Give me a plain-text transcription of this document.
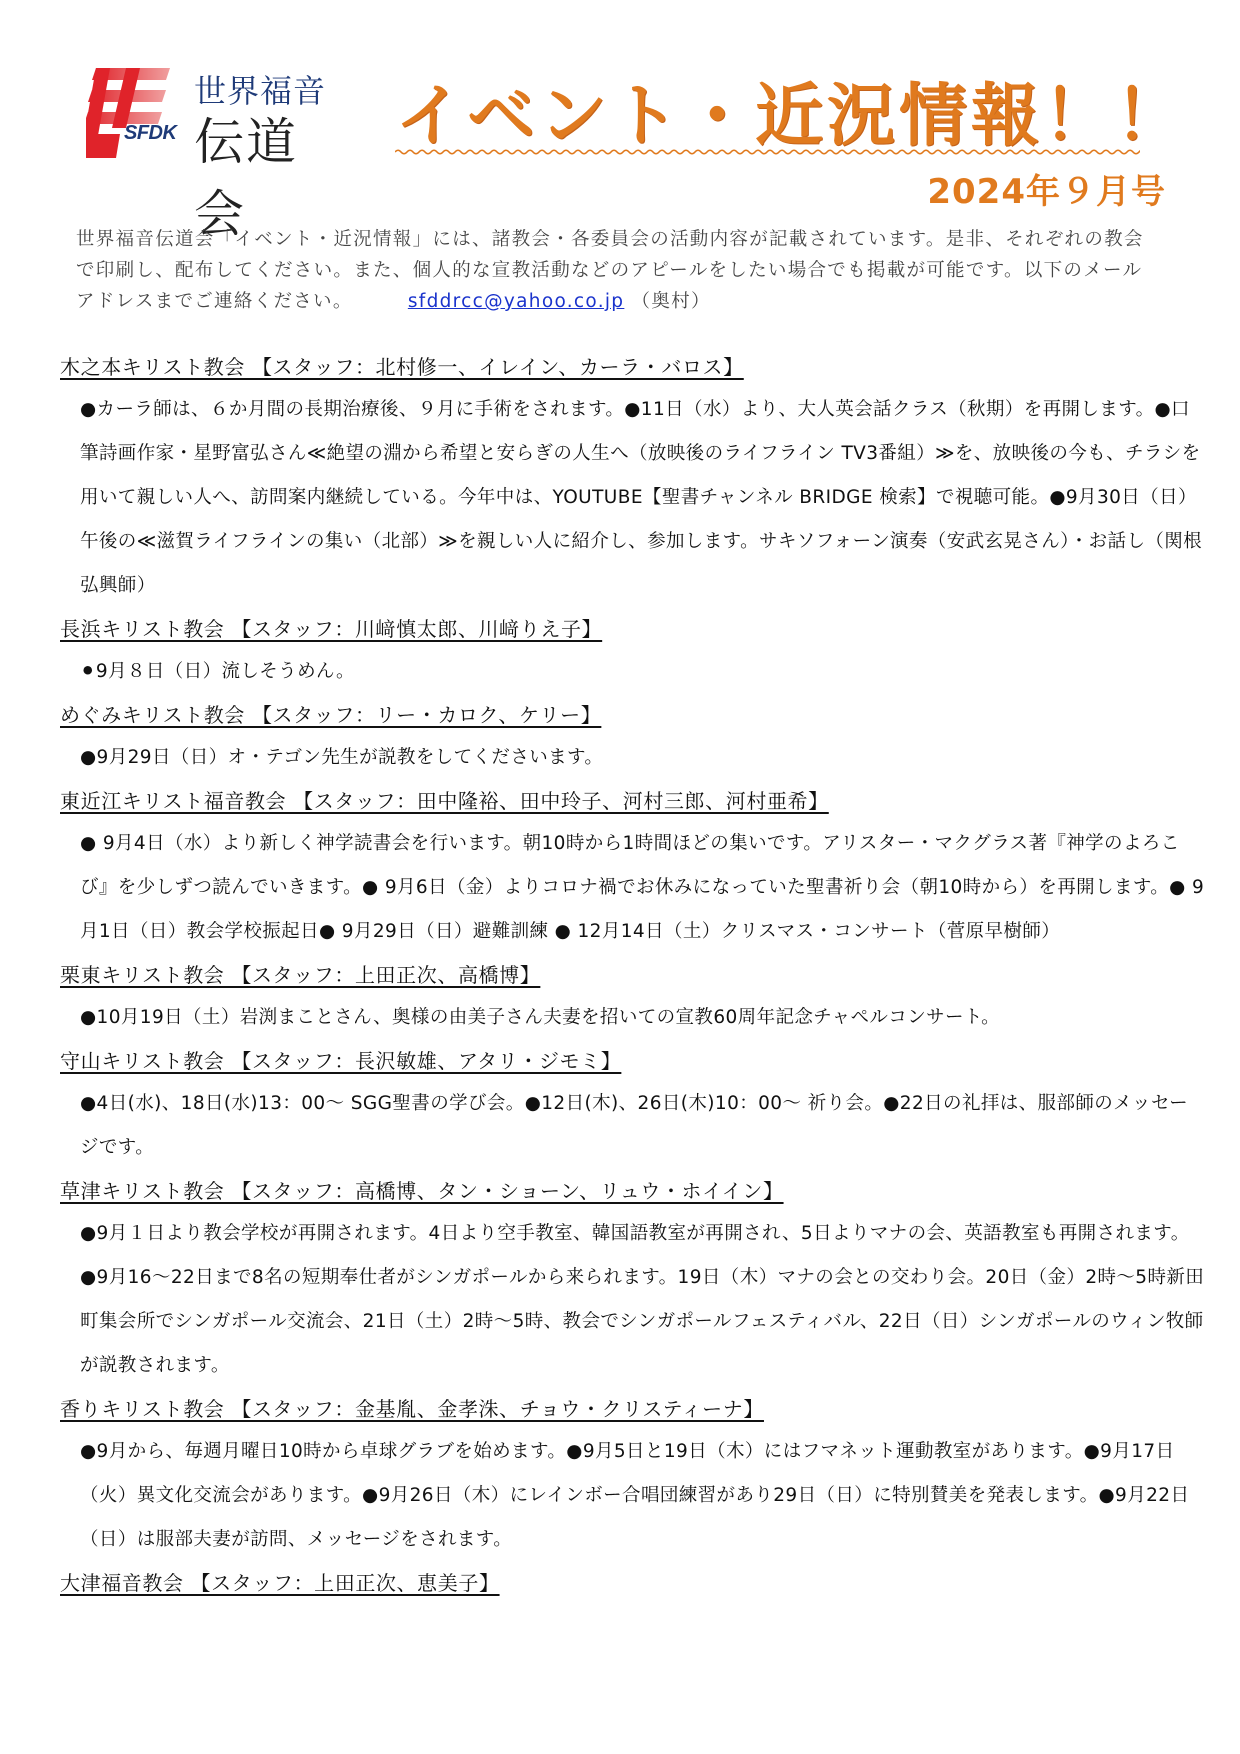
SFDK
世界福音
伝道会
イベント・近況情報！！
2024年９月号
世界福音伝道会「イベント・近況情報」には、諸教会・各委員会の活動内容が記載されています。是非、それぞれの教会で印刷し、配布してください。また、個人的な宣教活動などのアピールをしたい場合でも掲載が可能です。以下のメールアドレスまでご連絡ください。	sfddrcc@yahoo.co.jp （奥村）
木之本キリスト教会 【スタッフ：北村修一、イレイン、カーラ・バロス】
●カーラ師は、６か月間の長期治療後、９月に手術をされます。●11日（水）より、大人英会話クラス（秋期）を再開します。●口筆詩画作家・星野富弘さん≪絶望の淵から希望と安らぎの人生へ（放映後のライフライン TV3番組）≫を、放映後の今も、チラシを用いて親しい人へ、訪問案内継続している。今年中は、YOUTUBE【聖書チャンネル BRIDGE 検索】で視聴可能。●9月30日（日）午後の≪滋賀ライフラインの集い（北部）≫を親しい人に紹介し、参加します。サキソフォーン演奏（安武玄晃さん）・お話し（関根弘興師）
長浜キリスト教会 【スタッフ：川﨑慎太郎、川﨑りえ子】
⚫9月８日（日）流しそうめん。
めぐみキリスト教会 【スタッフ：リー・カロク、ケリー】
●9月29日（日）オ・テゴン先生が説教をしてくださいます。
東近江キリスト福音教会 【スタッフ：田中隆裕、田中玲子、河村三郎、河村亜希】
● 9月4日（水）より新しく神学読書会を行います。朝10時から1時間ほどの集いです。アリスター・マクグラス著『神学のよろこび』を少しずつ読んでいきます。● 9月6日（金）よりコロナ禍でお休みになっていた聖書祈り会（朝10時から）を再開します。● 9月1日（日）教会学校振起日● 9月29日（日）避難訓練 ● 12月14日（土）クリスマス・コンサート（菅原早樹師）
栗東キリスト教会 【スタッフ：上田正次、高橋博】
●10月19日（土）岩渕まことさん、奥様の由美子さん夫妻を招いての宣教60周年記念チャペルコンサート。
守山キリスト教会 【スタッフ：長沢敏雄、アタリ・ジモミ】
●4日(水)、18日(水)13：00～ SGG聖書の学び会。●12日(木)、26日(木)10：00～ 祈り会。●22日の礼拝は、服部師のメッセージです。
草津キリスト教会 【スタッフ：高橋博、タン・ショーン、リュウ・ホイイン】
●9月１日より教会学校が再開されます。4日より空手教室、韓国語教室が再開され、5日よりマナの会、英語教室も再開されます。●9月16～22日まで8名の短期奉仕者がシンガポールから来られます。19日（木）マナの会との交わり会。20日（金）2時～5時新田町集会所でシンガポール交流会、21日（土）2時～5時、教会でシンガポールフェスティバル、22日（日）シンガポールのウィン牧師が説教されます。
香りキリスト教会 【スタッフ：金基胤、金孝洙、チョウ・クリスティーナ】
●9月から、毎週月曜日10時から卓球グラブを始めます。●9月5日と19日（木）にはフマネット運動教室があります。●9月17日（火）異文化交流会があります。●9月26日（木）にレインボー合唱団練習があり29日（日）に特別賛美を発表します。●9月22日（日）は服部夫妻が訪問、メッセージをされます。
大津福音教会 【スタッフ：上田正次、恵美子】
